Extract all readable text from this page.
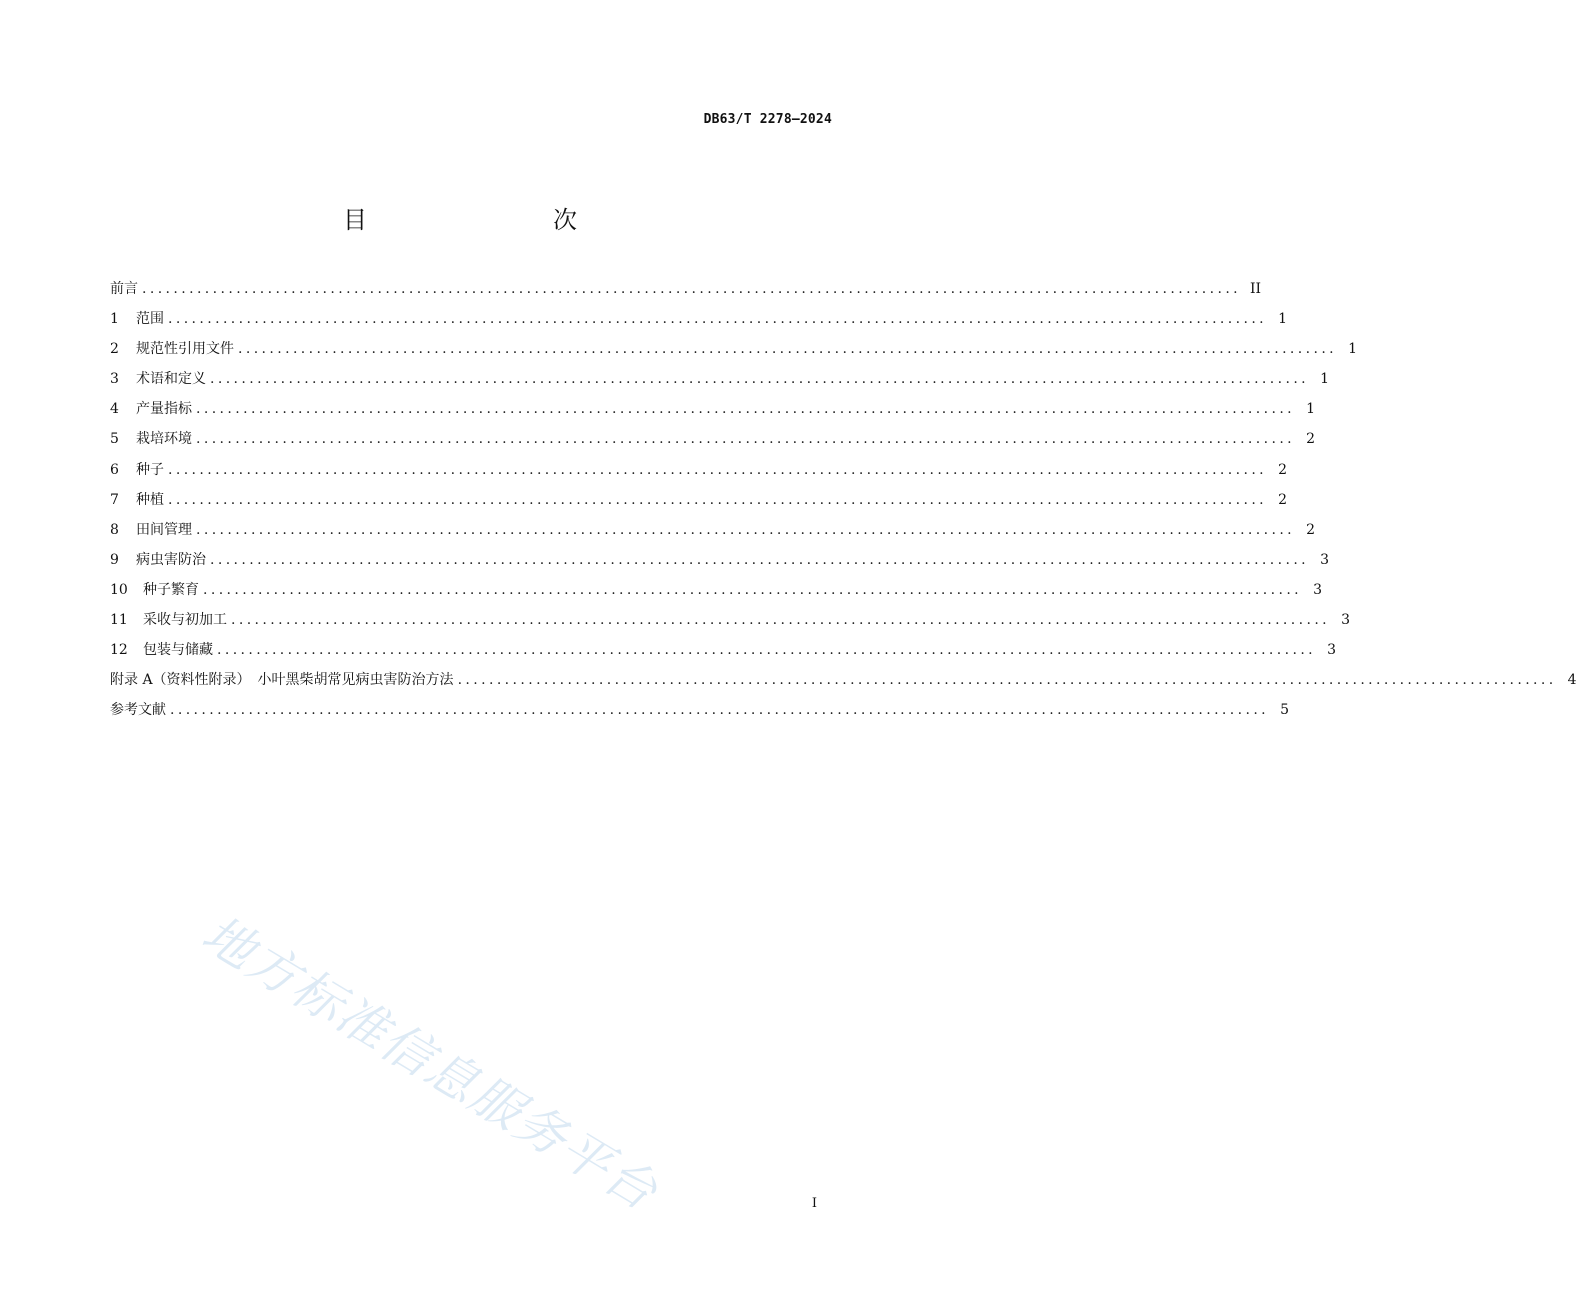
DB63/T 2278—2024
目　　次
前言 ............................................................................................................................................ II
1	范围 ............................................................................................................................................ 1
2	规范性引用文件 ............................................................................................................................................ 1
3	术语和定义 ............................................................................................................................................ 1
4	产量指标 ............................................................................................................................................ 1
5	栽培环境 ............................................................................................................................................ 2
6	种子 ............................................................................................................................................ 2
7	种植 ............................................................................................................................................ 2
8	田间管理 ............................................................................................................................................ 2
9	病虫害防治 ............................................................................................................................................ 3
10	种子繁育 ............................................................................................................................................ 3
11	采收与初加工 ............................................................................................................................................ 3
12	包装与储藏 ............................................................................................................................................ 3
附录 A（资料性附录）　小叶黑柴胡常见病虫害防治方法 ............................................................................................................................................ 4
参考文献 ............................................................................................................................................ 5
地方标准信息服务平台	I
